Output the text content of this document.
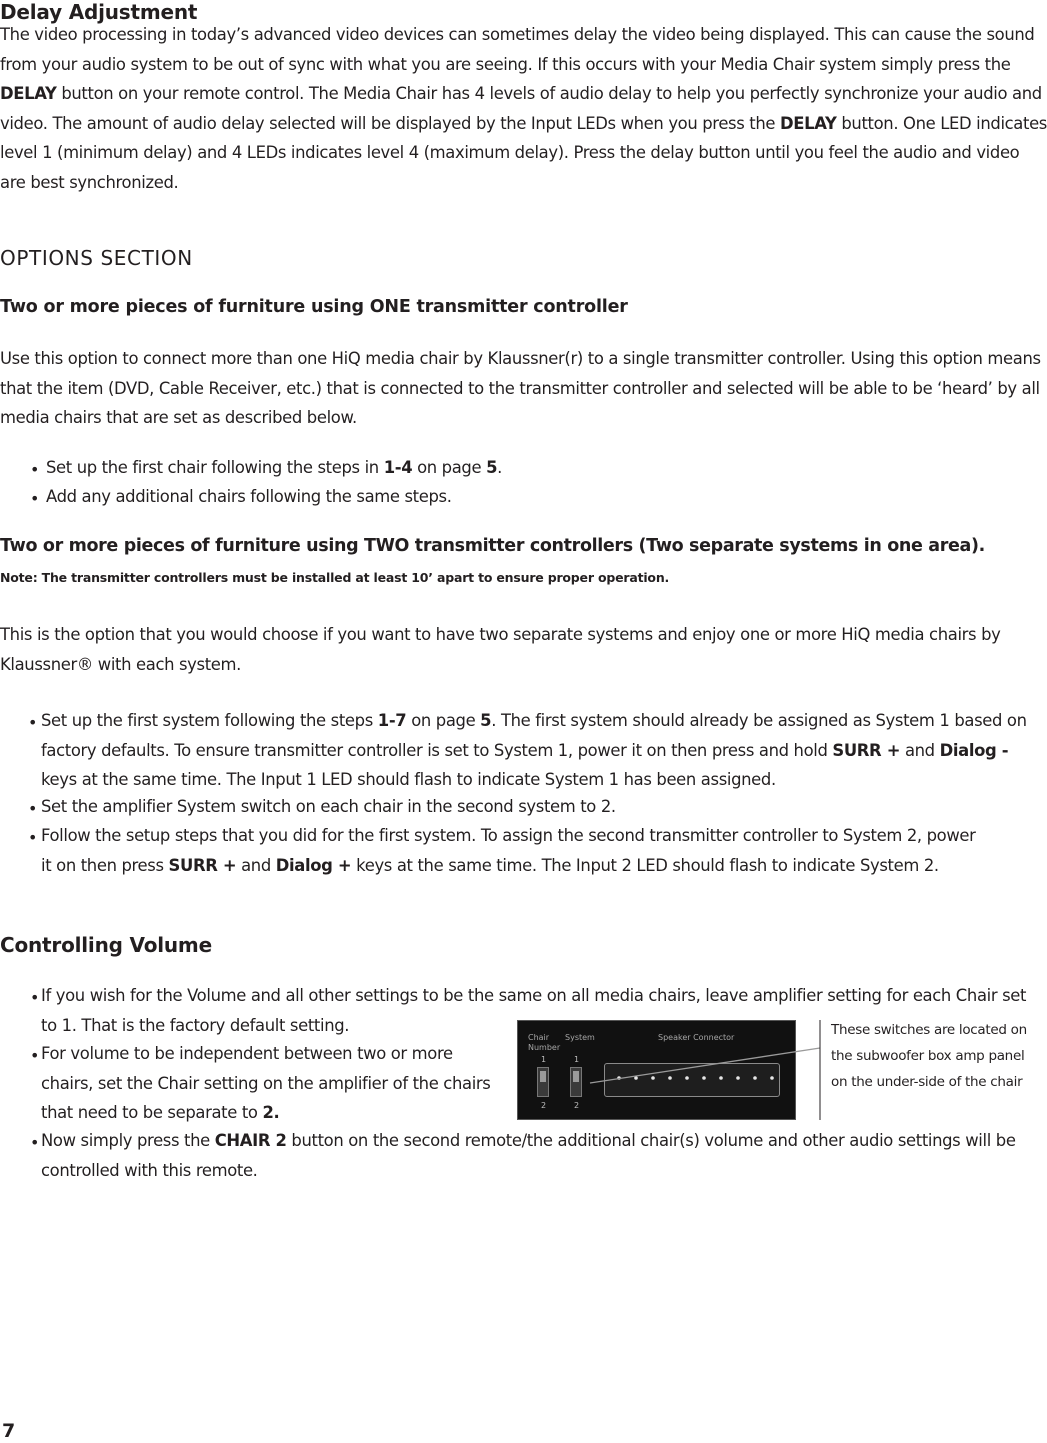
Delay Adjustment
The video processing in today’s advanced video devices can sometimes delay the video being displayed. This can cause the sound from your audio system to be out of sync with what you are seeing. If this occurs with your Media Chair system simply press the DELAY button on your remote control. The Media Chair has 4 levels of audio delay to help you perfectly synchronize your audio and video. The amount of audio delay selected will be displayed by the Input LEDs when you press the DELAY button. One LED indicates level 1 (minimum delay) and 4 LEDs indicates level 4 (maximum delay). Press the delay button until you feel the audio and video are best synchronized.
OPTIONS SECTION
Two or more pieces of furniture using ONE transmitter controller
Use this option to connect more than one HiQ media chair by Klaussner(r) to a single transmitter controller. Using this option means that the item (DVD, Cable Receiver, etc.) that is connected to the transmitter controller and selected will be able to be ‘heard’ by all media chairs that are set as described below.
• Set up the first chair following the steps in 1-4 on page 5.
• Add any additional chairs following the same steps.
Two or more pieces of furniture using TWO transmitter controllers (Two separate systems in one area).
Note: The transmitter controllers must be installed at least 10’ apart to ensure proper operation.
This is the option that you would choose if you want to have two separate systems and enjoy one or more HiQ media chairs by Klaussner® with each system.
• Set up the first system following the steps 1-7 on page 5. The first system should already be assigned as System 1 based on factory defaults. To ensure transmitter controller is set to System 1, power it on then press and hold SURR + and Dialog - keys at the same time. The Input 1 LED should flash to indicate System 1 has been assigned.
• Set the amplifier System switch on each chair in the second system to 2.
• Follow the setup steps that you did for the first system. To assign the second transmitter controller to System 2, power it on then press SURR + and Dialog + keys at the same time. The Input 2 LED should flash to indicate System 2.
Controlling Volume
• If you wish for the Volume and all other settings to be the same on all media chairs, leave amplifier setting for each Chair set to 1. That is the factory default setting.
• For volume to be independent between two or more chairs, set the Chair setting on the amplifier of the chairs that need to be separate to 2.
• Now simply press the CHAIR 2 button on the second remote/the additional chair(s) volume and other audio settings will be controlled with this remote.
Chair Number
System	Speaker Connector
1	1
2	2
These switches are located on the subwoofer box amp panel on the under-side of the chair
7
